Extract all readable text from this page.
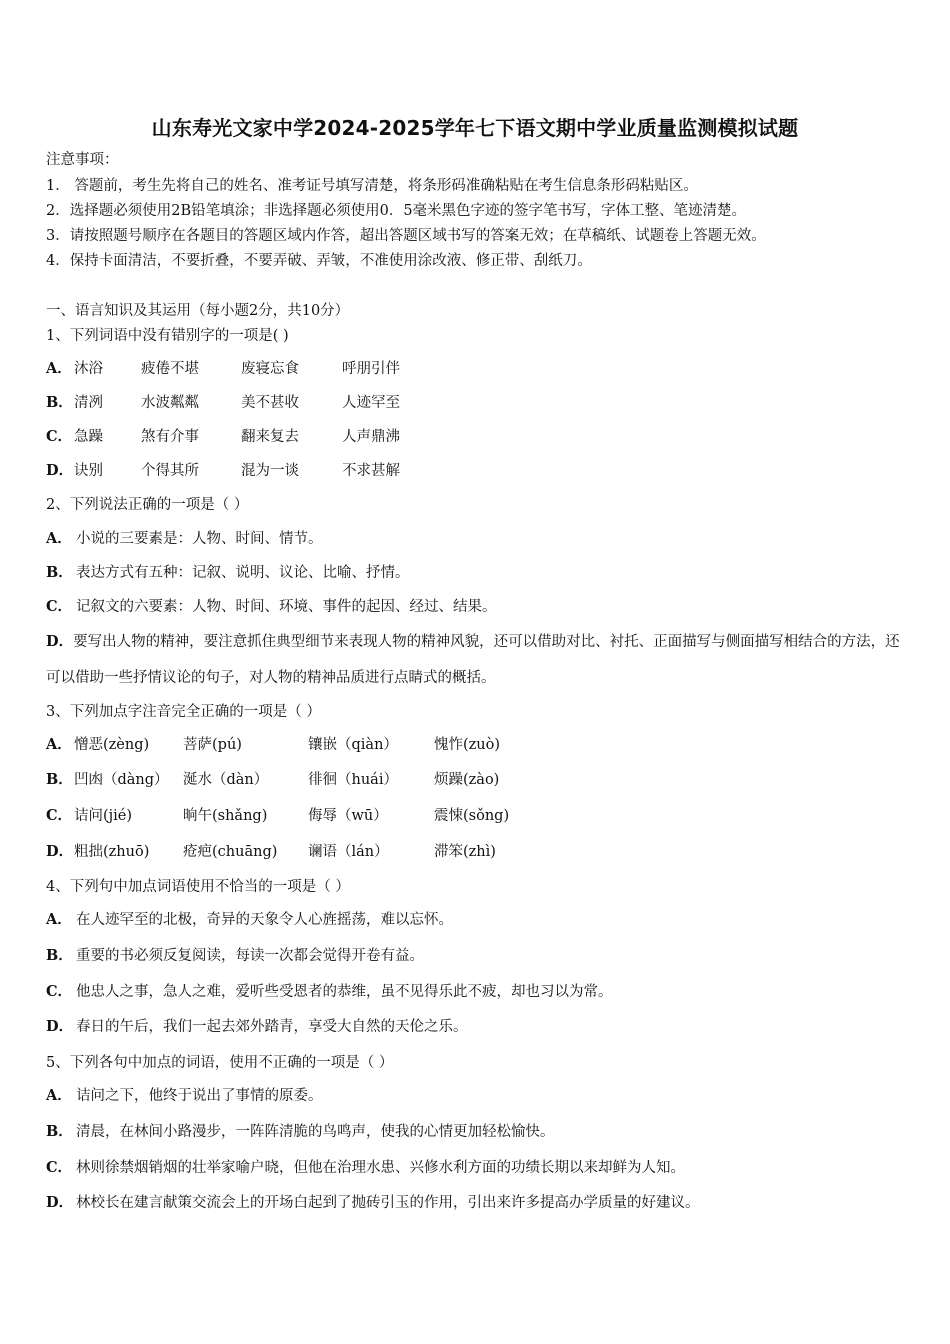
山东寿光文家中学2024-2025学年七下语文期中学业质量监测模拟试题
注意事项：
1． 答题前，考生先将自己的姓名、准考证号填写清楚，将条形码准确粘贴在考生信息条形码粘贴区。
2．选择题必须使用2B铅笔填涂；非选择题必须使用0．5毫米黑色字迹的签字笔书写，字体工整、笔迹清楚。
3．请按照题号顺序在各题目的答题区域内作答，超出答题区域书写的答案无效；在草稿纸、试题卷上答题无效。
4．保持卡面清洁，不要折叠，不要弄破、弄皱，不准使用涂改液、修正带、刮纸刀。
一、语言知识及其运用（每小题2分，共10分）
1、下列词语中没有错别字的一项是( )
A． 沐浴	疲倦不堪	废寝忘食	呼朋引伴
B． 清冽	水波粼粼	美不甚收	人迹罕至
C． 急躁	煞有介事	翻来复去	人声鼎沸
D． 诀别	个得其所	混为一谈	不求甚解
2、下列说法正确的一项是（ ）
A． 小说的三要素是：人物、时间、情节。
B． 表达方式有五种：记叙、说明、议论、比喻、抒情。
C． 记叙文的六要素：人物、时间、环境、事件的起因、经过、结果。
D．要写出人物的精神，要注意抓住典型细节来表现人物的精神风貌，还可以借助对比、衬托、正面描写与侧面描写相结合的方法，还可以借助一些抒情议论的句子，对人物的精神品质进行点睛式的概括。
3、下列加点字注音完全正确的一项是（ ）
A． 憎恶(zèng) 菩萨(pú)	镶嵌（qiàn） 愧怍(zuò)
B． 凹凼（dàng） 涎水（dàn）	徘徊（huái） 烦躁(zào)
C． 诘问(jié)	晌午(shǎng)	侮辱（wū）	震悚(sǒng)
D． 粗拙(zhuō) 疮疤(chuāng) 谰语（lán）	滞笨(zhì)
4、下列句中加点词语使用不恰当的一项是（ ）
A． 在人迹罕至的北极，奇异的天象令人心旌摇荡，难以忘怀。
B． 重要的书必须反复阅读，每读一次都会觉得开卷有益。
C． 他忠人之事，急人之难，爱听些受恩者的恭维，虽不见得乐此不疲，却也习以为常。
D． 春日的午后，我们一起去郊外踏青，享受大自然的天伦之乐。
5、下列各句中加点的词语，使用不正确的一项是（ ）
A． 诘问之下，他终于说出了事情的原委。
B． 清晨，在林间小路漫步，一阵阵清脆的鸟鸣声，使我的心情更加轻松愉快。
C． 林则徐禁烟销烟的壮举家喻户晓，但他在治理水患、兴修水利方面的功绩长期以来却鲜为人知。
D． 林校长在建言献策交流会上的开场白起到了抛砖引玉的作用，引出来许多提高办学质量的好建议。
